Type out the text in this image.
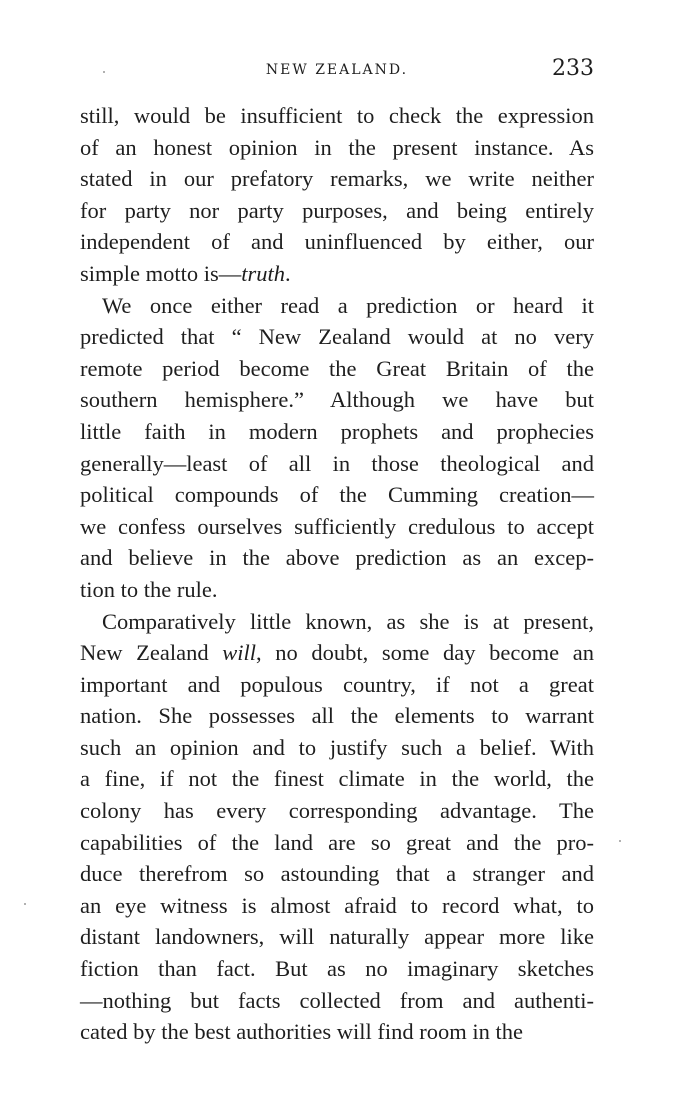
NEW ZEALAND.	233
still, would be insufficient to check the expression
of an honest opinion in the present instance. As
stated in our prefatory remarks, we write neither
for party nor party purposes, and being entirely
independent of and uninfluenced by either, our
simple motto is—truth.
We once either read a prediction or heard it
predicted that “ New Zealand would at no very
remote period become the Great Britain of the
southern hemisphere.” Although we have but
little faith in modern prophets and prophecies
generally—least of all in those theological and
political compounds of the Cumming creation—
we confess ourselves sufficiently credulous to accept
and believe in the above prediction as an excep-
tion to the rule.
Comparatively little known, as she is at present,
New Zealand will, no doubt, some day become an
important and populous country, if not a great
nation. She possesses all the elements to warrant
such an opinion and to justify such a belief. With
a fine, if not the finest climate in the world, the
colony has every corresponding advantage. The
capabilities of the land are so great and the pro-
duce therefrom so astounding that a stranger and
an eye witness is almost afraid to record what, to
distant landowners, will naturally appear more like
fiction than fact. But as no imaginary sketches
—nothing but facts collected from and authenti-
cated by the best authorities will find room in the
